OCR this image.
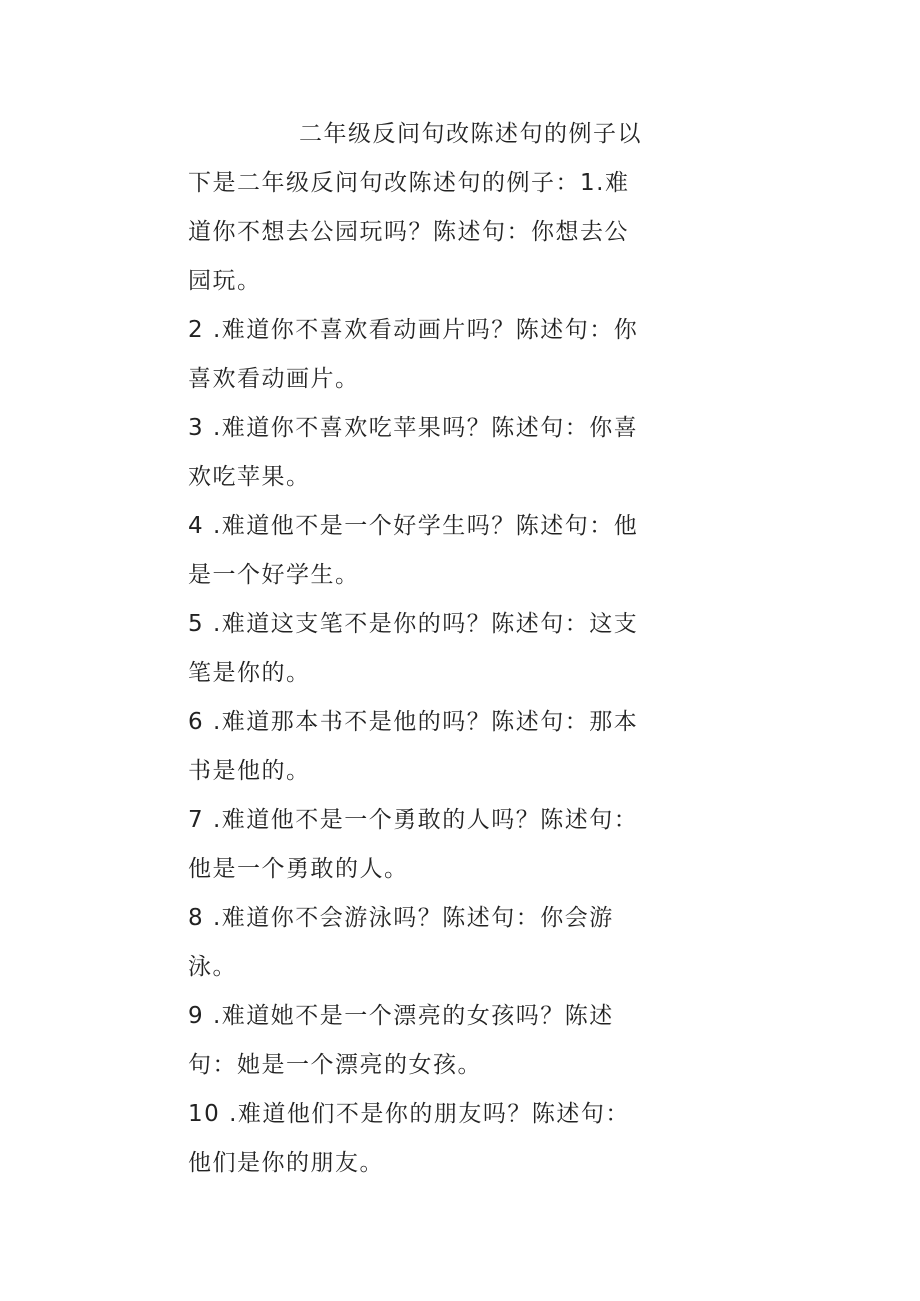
二年级反问句改陈述句的例子以
下是二年级反问句改陈述句的例子：1.难
道你不想去公园玩吗？陈述句：你想去公
园玩。
2 .难道你不喜欢看动画片吗？陈述句：你
喜欢看动画片。
3 .难道你不喜欢吃苹果吗？陈述句：你喜
欢吃苹果。
4 .难道他不是一个好学生吗？陈述句：他
是一个好学生。
5 .难道这支笔不是你的吗？陈述句：这支
笔是你的。
6 .难道那本书不是他的吗？陈述句：那本
书是他的。
7 .难道他不是一个勇敢的人吗？陈述句：
他是一个勇敢的人。
8 .难道你不会游泳吗？陈述句：你会游
泳。
9 .难道她不是一个漂亮的女孩吗？陈述
句：她是一个漂亮的女孩。
10 .难道他们不是你的朋友吗？陈述句：
他们是你的朋友。
